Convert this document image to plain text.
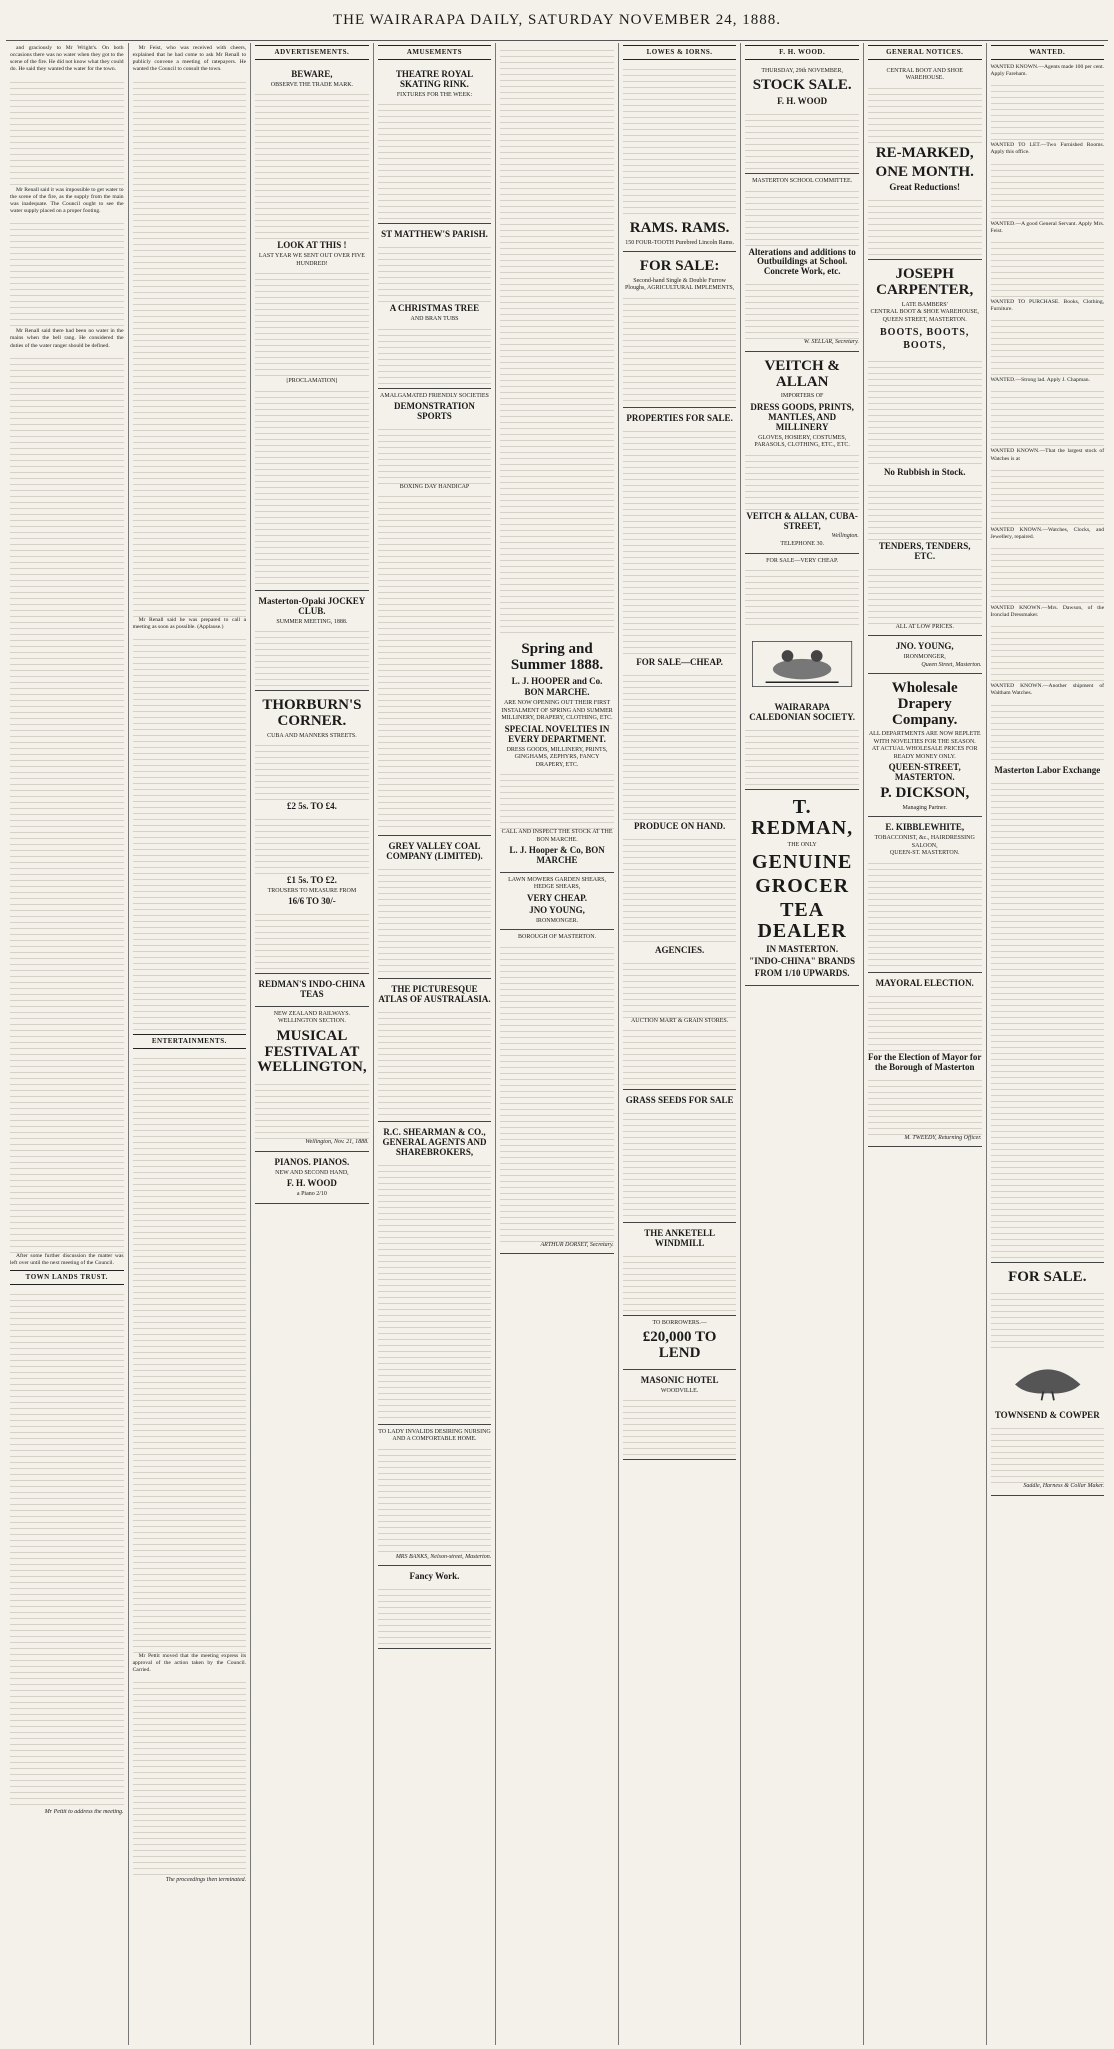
THE WAIRARAPA DAILY, SATURDAY NOVEMBER 24, 1888.

and graciously to Mr Wright's. On both occasions there was no water when they got to the scene of the fire. He did not know what they could do. He said they wanted the water for the town.

Mr Renall said it was impossible to get water to the scene of the fire, as the supply from the main was inadequate. The Council ought to see the water supply placed on a proper footing.

Mr Renall said there had been no water in the mains when the bell rang. He considered the duties of the water ranger should be defined.

After some further discussion the matter was left over until the next meeting of the Council.

TOWN LANDS TRUST.
Mr Pettit to address the meeting.

Mr Feist, who was received with cheers, explained that he had come to ask Mr Renall to publicly convene a meeting of ratepayers. He wanted the Council to consult the town.

Mr Renall said he was prepared to call a meeting as soon as possible. (Applause.)

ENTERTAINMENTS.

Mr Pettit moved that the meeting express its approval of the action taken by the Council. Carried.

The proceedings then terminated.
ADVERTISEMENTS.
BEWARE,
OBSERVE THE TRADE MARK.
LOOK AT THIS !
LAST YEAR WE SENT OUT OVER FIVE HUNDRED!
[PROCLAMATION]
Masterton-Opaki JOCKEY CLUB.
SUMMER MEETING, 1888.
THORBURN'S CORNER.
CUBA AND MANNERS STREETS.
£2 5s. TO £4.
£1 5s. TO £2.
TROUSERS TO MEASURE FROM
16/6 TO 30/-
REDMAN'S INDO-CHINA TEAS
NEW ZEALAND RAILWAYS. WELLINGTON SECTION.
MUSICAL FESTIVAL AT WELLINGTON,
Wellington, Nov. 21, 1888.
PIANOS. PIANOS.
NEW AND SECOND HAND,
F. H. WOOD
a Piano 2/10
AMUSEMENTS
THEATRE ROYAL SKATING RINK.
FIXTURES FOR THE WEEK:
ST MATTHEW'S PARISH.
A CHRISTMAS TREE
AND BRAN TUBS
AMALGAMATED FRIENDLY SOCIETIES
DEMONSTRATION SPORTS
BOXING DAY HANDICAP
GREY VALLEY COAL COMPANY (LIMITED).
THE PICTURESQUE ATLAS OF AUSTRALASIA.
R.C. SHEARMAN & CO., GENERAL AGENTS AND SHAREBROKERS,
TO LADY INVALIDS DESIRING NURSING AND A COMFORTABLE HOME.
MRS BANKS, Nelson-street, Masterton.
Fancy Work.
Spring and Summer 1888.
L. J. HOOPER and Co.
BON MARCHE.
ARE NOW OPENING OUT THEIR FIRST INSTALMENT OF SPRING AND SUMMER MILLINERY, DRAPERY, CLOTHING, ETC.
SPECIAL NOVELTIES IN EVERY DEPARTMENT.
DRESS GOODS, MILLINERY, PRINTS, GINGHAMS, ZEPHYRS, FANCY DRAPERY, ETC.
CALL AND INSPECT THE STOCK AT THE BON MARCHE.
L. J. Hooper & Co, BON MARCHE
LAWN MOWERS GARDEN SHEARS, HEDGE SHEARS,
VERY CHEAP.
JNO YOUNG,
IRONMONGER.
BOROUGH OF MASTERTON.
ARTHUR DORSET, Secretary.
LOWES & IORNS.
RAMS. RAMS.
150 FOUR-TOOTH Purebred Lincoln Rams.
FOR SALE:
Second-hand Single & Double Furrow Ploughs, AGRICULTURAL IMPLEMENTS,
PROPERTIES FOR SALE.
FOR SALE—CHEAP.
PRODUCE ON HAND.
AGENCIES.
AUCTION MART & GRAIN STORES.
GRASS SEEDS FOR SALE
THE ANKETELL WINDMILL
TO BORROWERS.—
£20,000 TO LEND
MASONIC HOTEL
WOODVILLE.
F. H. WOOD.
THURSDAY, 29th NOVEMBER,
STOCK SALE.
F. H. WOOD
MASTERTON SCHOOL COMMITTEE.
Alterations and additions to Outbuildings at School. Concrete Work, etc.
W. SELLAR, Secretary.
VEITCH & ALLAN
IMPORTERS OF
DRESS GOODS, PRINTS, MANTLES, AND MILLINERY
GLOVES, HOSIERY, COSTUMES, PARASOLS, CLOTHING, ETC., ETC.
VEITCH & ALLAN, CUBA-STREET,
Wellington.
TELEPHONE 30.
FOR SALE—VERY CHEAP.
WAIRARAPA CALEDONIAN SOCIETY.
T. REDMAN,
THE ONLY
GENUINE
GROCER
TEA DEALER
IN MASTERTON.
"INDO-CHINA" BRANDS
FROM 1/10 UPWARDS.
GENERAL NOTICES.
CENTRAL BOOT AND SHOE WAREHOUSE.
RE-MARKED,
ONE MONTH.
Great Reductions!
JOSEPH CARPENTER,
LATE BAMBERS'
CENTRAL BOOT & SHOE WAREHOUSE, QUEEN STREET, MASTERTON.
BOOTS, BOOTS, BOOTS,
No Rubbish in Stock.
TENDERS, TENDERS, ETC.
ALL AT LOW PRICES.
JNO. YOUNG,
IRONMONGER,
Queen Street, Masterton.
Wholesale Drapery Company.
ALL DEPARTMENTS ARE NOW REPLETE WITH NOVELTIES FOR THE SEASON.
AT ACTUAL WHOLESALE PRICES FOR READY MONEY ONLY.
QUEEN-STREET, MASTERTON.
P. DICKSON,
Managing Partner.
E. KIBBLEWHITE,
TOBACCONIST, &c., HAIRDRESSING SALOON,
QUEEN-ST. MASTERTON.
MAYORAL ELECTION.
For the Election of Mayor for the Borough of Masterton
M. TWEEDY, Returning Officer.
WANTED.
WANTED KNOWN.—Agents made 100 per cent. Apply Fareham.
WANTED TO LET.—Two Furnished Rooms. Apply this office.
WANTED.—A good General Servant. Apply Mrs. Feist.
WANTED TO PURCHASE. Books, Clothing, Furniture.
WANTED.—Strong lad. Apply J. Chapman.
WANTED KNOWN.—That the largest stock of Watches is at
WANTED KNOWN.—Watches, Clocks, and Jewellery, repaired.
WANTED KNOWN.—Mrs. Dawson, of the Ironclad Dressmaker.
WANTED KNOWN.—Another shipment of Waltham Watches.
Masterton Labor Exchange
FOR SALE.
TOWNSEND & COWPER
Saddle, Harness & Collar Maker.
